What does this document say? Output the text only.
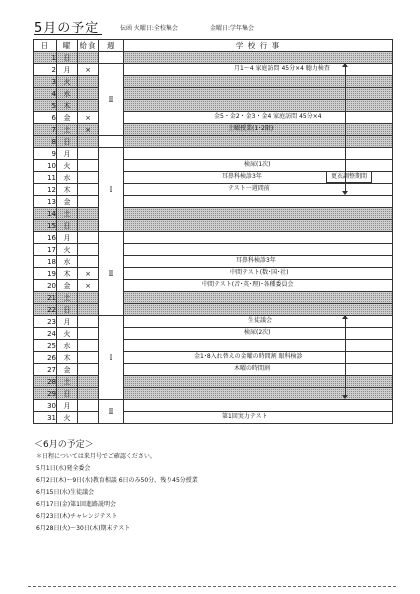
5月の予定	伝函 火曜日:全校集会	金曜日:学年集会
日	曜	給食	週	学 校 行 事
1	日			
2	月	×	Ⅱ	月1～4 家庭訪問 45分×4 聴力検査

3	火			
4	水			
5	木			
6	金	×		金5・金2・金3・金4 家庭訪問 45分×4

7	土	×		土曜授業(1･2限)

8	日			
9	月		Ⅰ	
10	火			検尿(1次)

11	水			耳鼻科検診3年 更衣調整期間

12	木			テスト一週間前

13	金			
14	土			
15	日			
16	月		Ⅱ	
17	火			
18	水			耳鼻科検診3年

19	木	×		中間テスト(数･国･社)

20	金	×		中間テスト(音･英･理)･各種委員会

21	土			
22	日			
23	月		Ⅰ	生徒議会

24	火			検尿(2次)

25	水			
26	木			金1･8入れ替えの金曜の時間割 眼科検診

27	金			木曜の時間割

28	土			
29	日			
30	月		Ⅱ	
31	火			第1回実力テスト
＜6月の予定＞
＊日程については来月号でご確認ください。
5月1日(水)発全委会
6月2日(木)～9日(水)教育相談 6日のみ50分、残り45分授業
6月15日(水)生徒議会
6月17日(金)第1回進路説明会
6月23日(木)チャレンジテスト
6月28日(火)～30日(木)期末テスト
